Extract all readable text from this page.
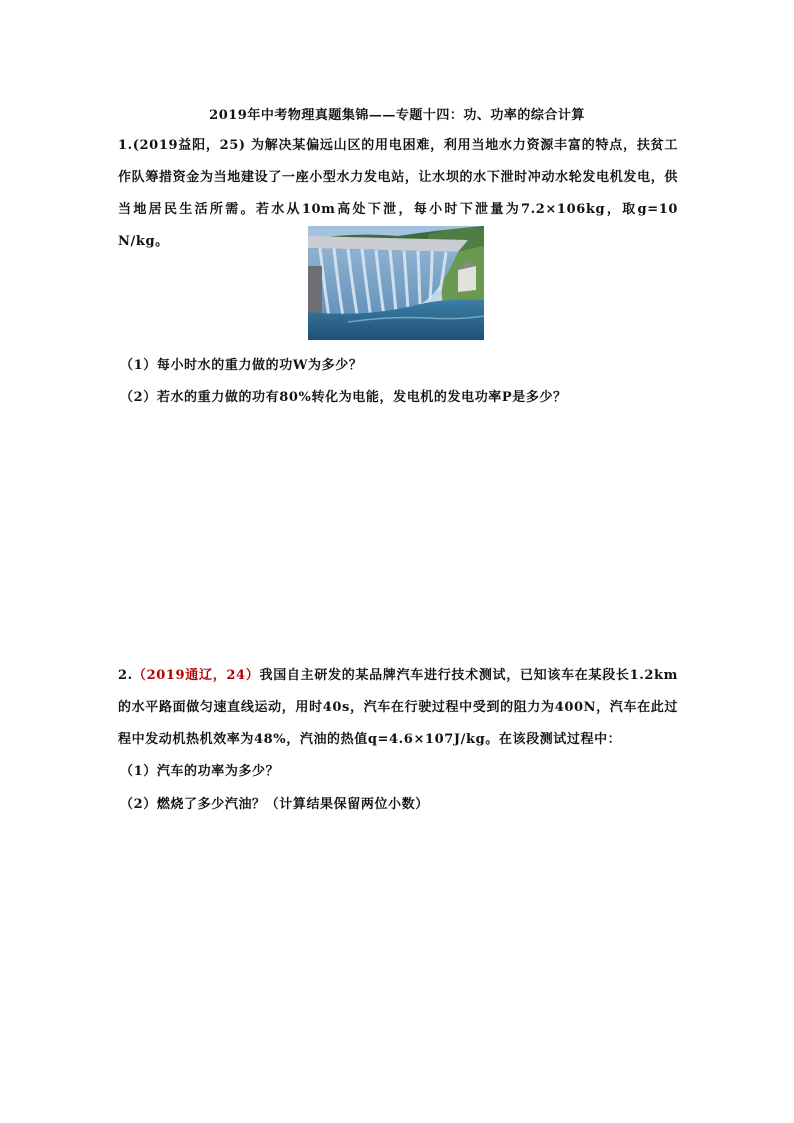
2019年中考物理真题集锦——专题十四：功、功率的综合计算
1.(2019益阳，25) 为解决某偏远山区的用电困难，利用当地水力资源丰富的特点，扶贫工作队筹措资金为当地建设了一座小型水力发电站，让水坝的水下泄时冲动水轮发电机发电，供当地居民生活所需。若水从10m高处下泄，每小时下泄量为7.2×106kg，取g=10 N/kg。
（1）每小时水的重力做的功W为多少？
（2）若水的重力做的功有80%转化为电能，发电机的发电功率P是多少？
2.（2019通辽，24）我国自主研发的某品牌汽车进行技术测试，已知该车在某段长1.2km的水平路面做匀速直线运动，用时40s，汽车在行驶过程中受到的阻力为400N，汽车在此过程中发动机热机效率为48%，汽油的热值q=4.6×107J/kg。在该段测试过程中：
（1）汽车的功率为多少？
（2）燃烧了多少汽油？（计算结果保留两位小数）
